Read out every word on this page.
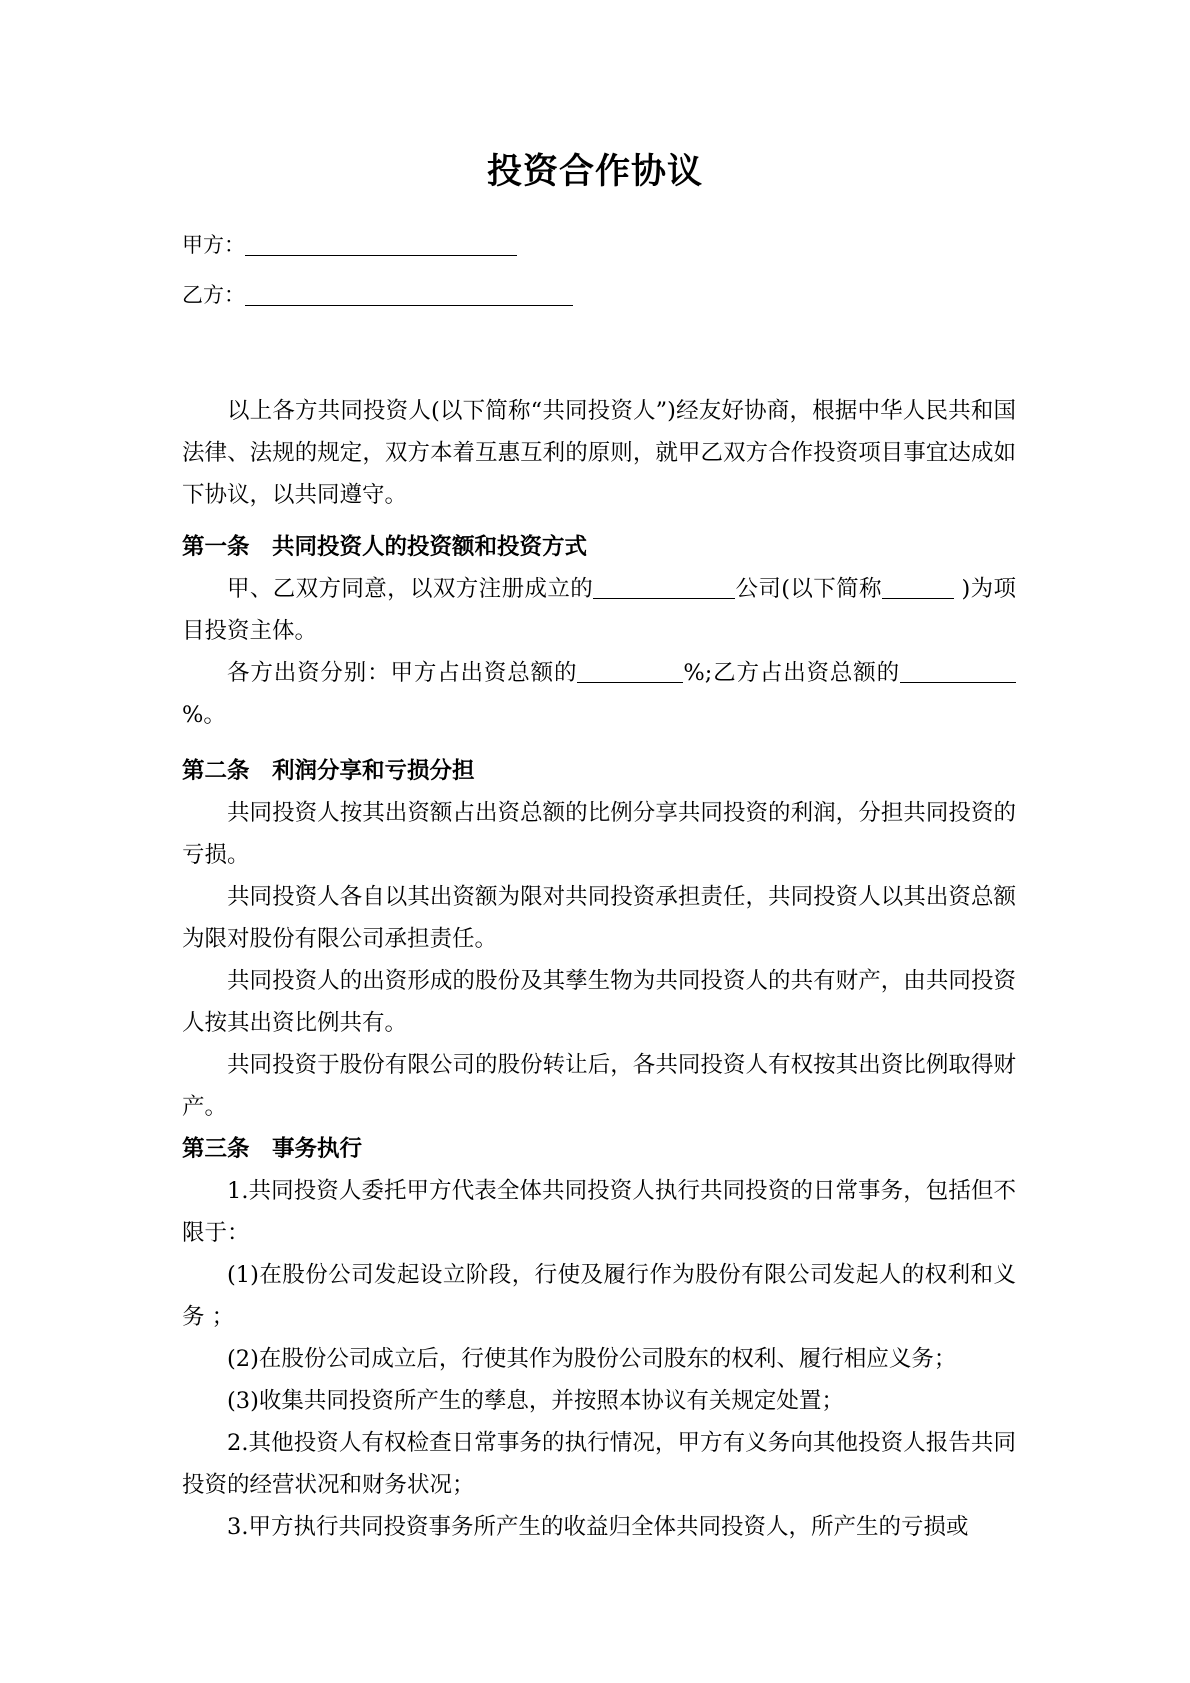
投资合作协议
甲方：
乙方：

以上各方共同投资人(以下简称“共同投资人”)经友好协商，根据中华人民共和国法律、法规的规定，双方本着互惠互利的原则，就甲乙双方合作投资项目事宜达成如下协议，以共同遵守。

第一条　共同投资人的投资额和投资方式

甲、乙双方同意，以双方注册成立的	公司(以下简称	)为项目投资主体。

各方出资分别：甲方占出资总额的	%;乙方占出资总额的%。

第二条　利润分享和亏损分担

共同投资人按其出资额占出资总额的比例分享共同投资的利润，分担共同投资的亏损。

共同投资人各自以其出资额为限对共同投资承担责任，共同投资人以其出资总额为限对股份有限公司承担责任。

共同投资人的出资形成的股份及其孳生物为共同投资人的共有财产，由共同投资人按其出资比例共有。

共同投资于股份有限公司的股份转让后，各共同投资人有权按其出资比例取得财产。

第三条　事务执行

1.共同投资人委托甲方代表全体共同投资人执行共同投资的日常事务，包括但不限于：

(1)在股份公司发起设立阶段，行使及履行作为股份有限公司发起人的权利和义务 ；

(2)在股份公司成立后，行使其作为股份公司股东的权利、履行相应义务；

(3)收集共同投资所产生的孳息，并按照本协议有关规定处置；

2.其他投资人有权检查日常事务的执行情况，甲方有义务向其他投资人报告共同投资的经营状况和财务状况；

3.甲方执行共同投资事务所产生的收益归全体共同投资人，所产生的亏损或
